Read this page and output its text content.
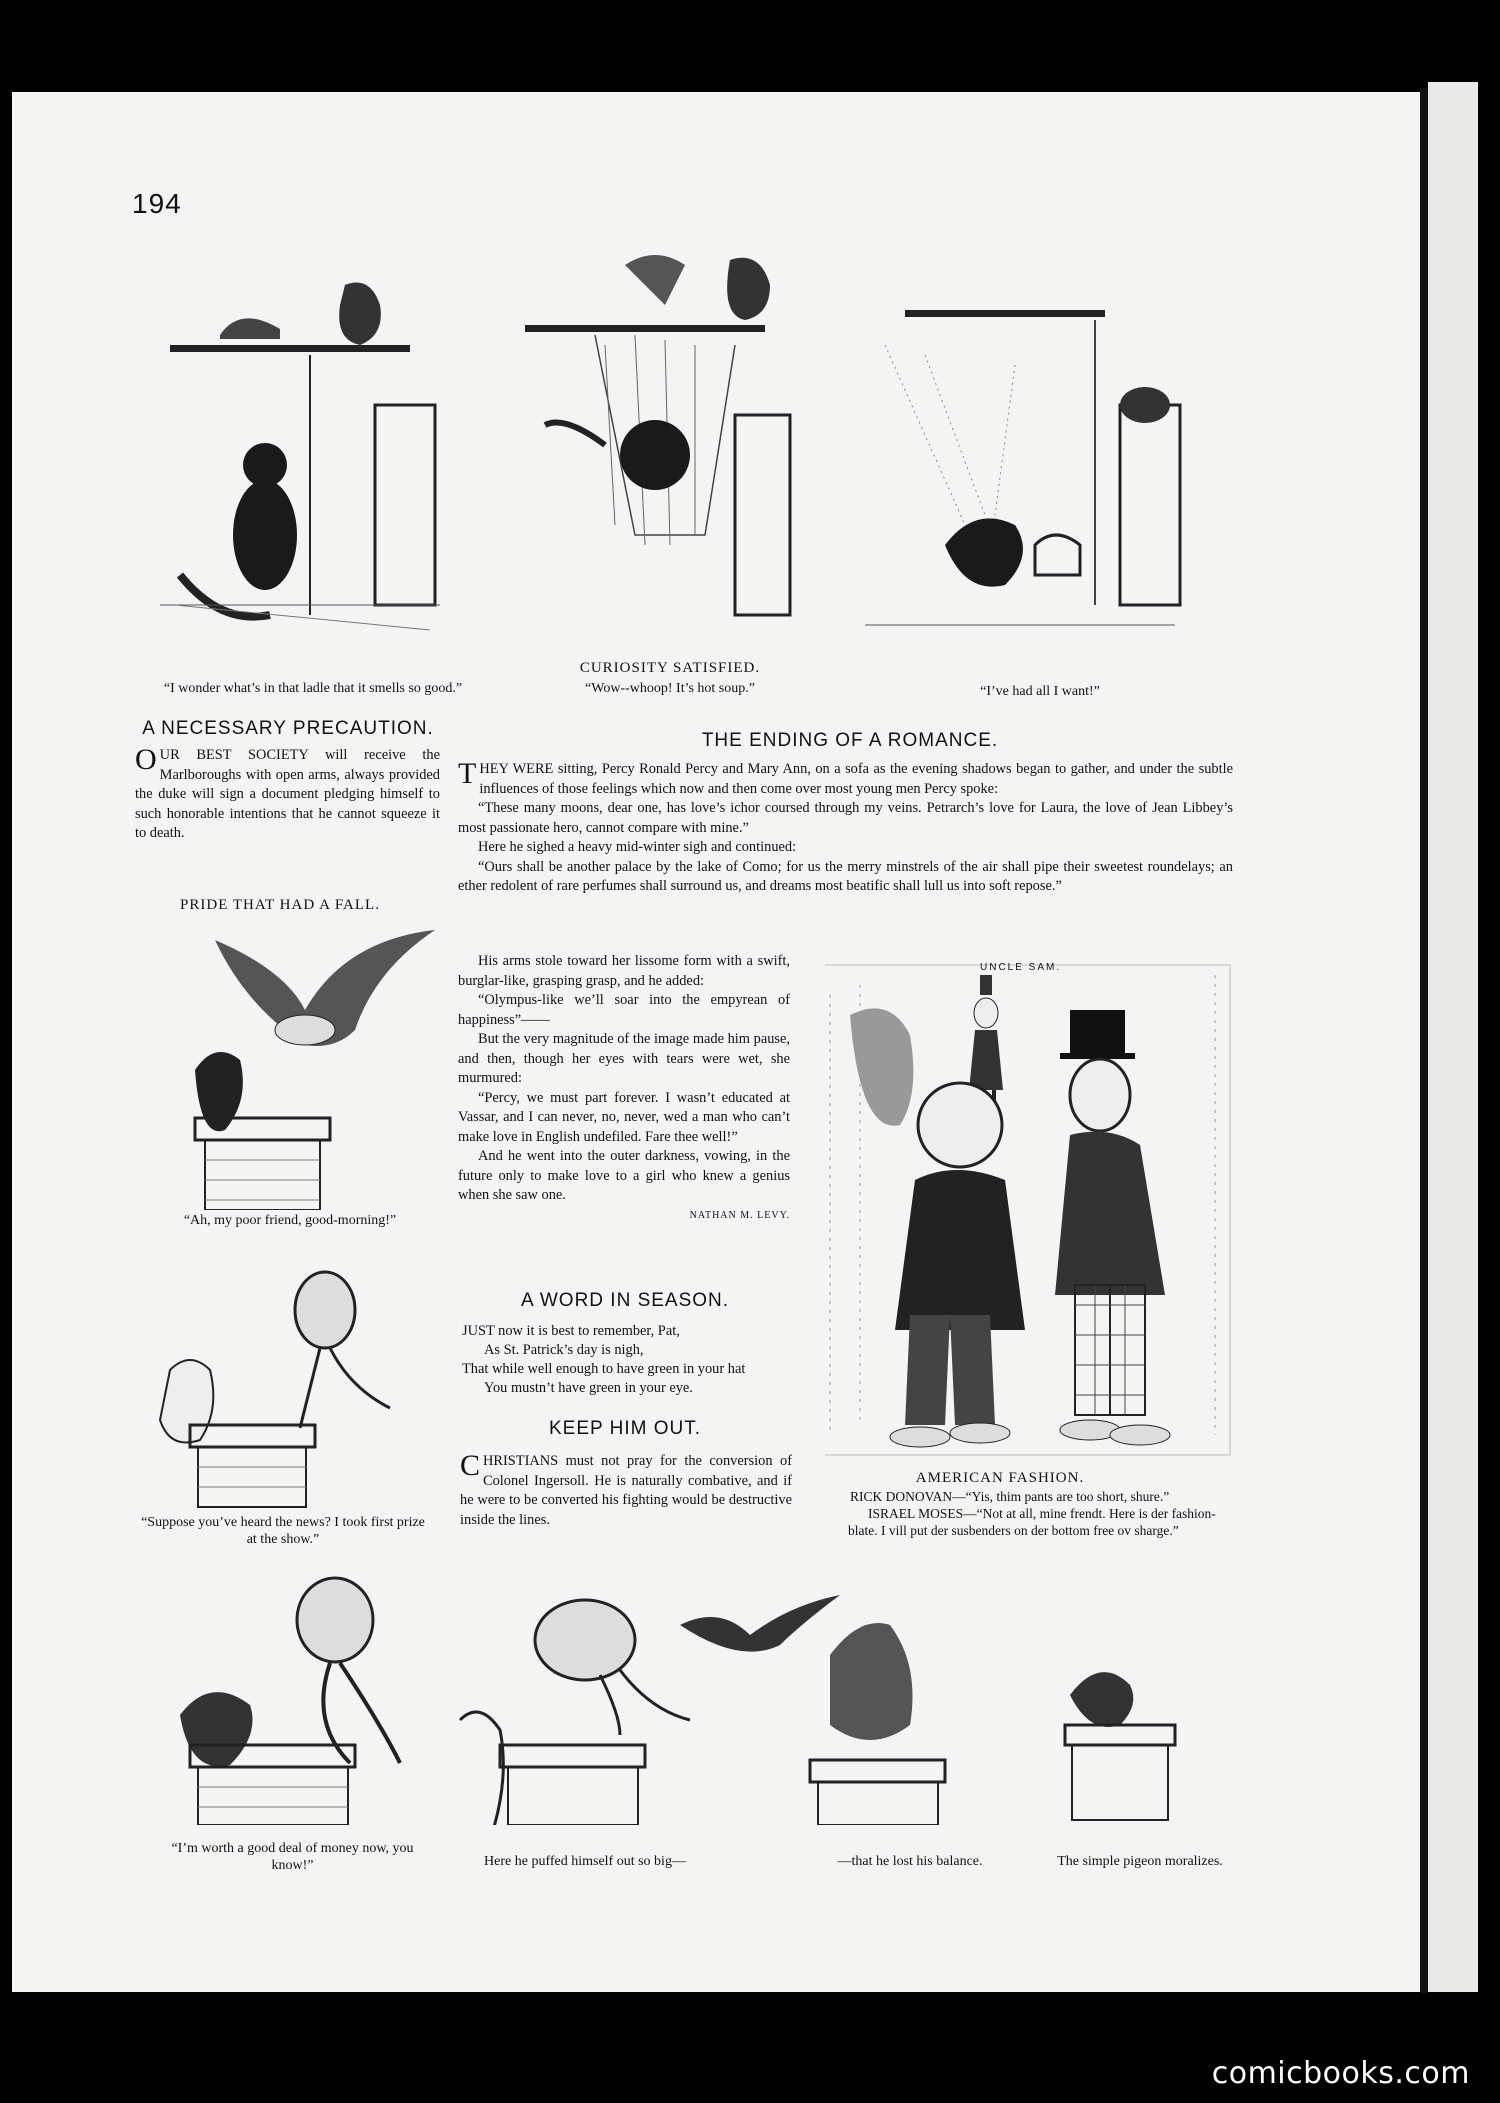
194
“I wonder what’s in that ladle that it smells so good.”
CURIOSITY SATISFIED.
“Wow--whoop! It’s hot soup.”	“I’ve had all I want!”
A NECESSARY PRECAUTION.
OUR BEST SOCIETY will receive the Marlboroughs with open arms, always provided the duke will sign a document pledging himself to such honorable intentions that he cannot squeeze it to death.
PRIDE THAT HAD A FALL.
“Ah, my poor friend, good-morning!”
“Suppose you’ve heard the news? I took first prize at the show.”
“I’m worth a good deal of money now, you know!”	Here he puffed himself out so big—	—that he lost his balance.	The simple pigeon moralizes.
THE ENDING OF A ROMANCE.

THEY WERE sitting, Percy Ronald Percy and Mary Ann, on a sofa as the evening shadows began to gather, and under the subtle influences of those feelings which now and then come over most young men Percy spoke:

“These many moons, dear one, has love’s ichor coursed through my veins. Petrarch’s love for Laura, the love of Jean Libbey’s most passionate hero, cannot compare with mine.”

Here he sighed a heavy mid-winter sigh and continued:

“Ours shall be another palace by the lake of Como; for us the merry minstrels of the air shall pipe their sweetest roundelays; an ether redolent of rare perfumes shall surround us, and dreams most beatific shall lull us into soft repose.”

His arms stole toward her lissome form with a swift, burglar-like, grasping grasp, and he added:

“Olympus-like we’ll soar into the empyrean of happiness”——

But the very magnitude of the image made him pause, and then, though her eyes with tears were wet, she murmured:

“Percy, we must part forever. I wasn’t educated at Vassar, and I can never, no, never, wed a man who can’t make love in English undefiled. Fare thee well!”

And he went into the outer darkness, vowing, in the future only to make love to a girl who knew a genius when she saw one.

NATHAN M. LEVY.
A WORD IN SEASON.
JUST now it is best to remember, Pat,
As St. Patrick’s day is nigh,
That while well enough to have green in your hat
You mustn’t have green in your eye.
KEEP HIM OUT.
CHRISTIANS must not pray for the conversion of Colonel Ingersoll. He is naturally combative, and if he were to be converted his fighting would be destructive inside the lines.
UNCLE SAM.
AMERICAN FASHION.
RICK DONOVAN—“Yis, thim pants are too short, shure.”
ISRAEL MOSES—“Not at all, mine frendt. Here is der fashion-blate. I vill put der susbenders on der bottom free ov sharge.”
comicbooks.com
